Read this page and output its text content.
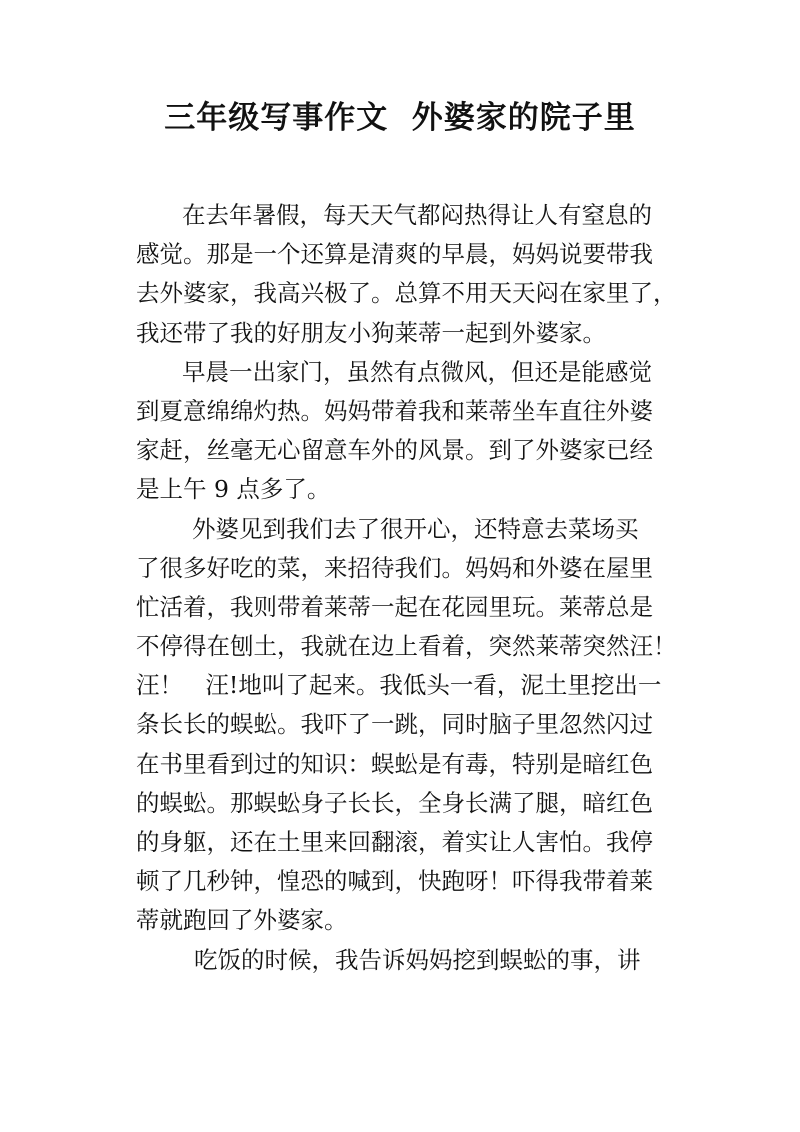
三年级写事作文  外婆家的院子里
在去年暑假，每天天气都闷热得让人有窒息的
感觉。那是一个还算是清爽的早晨，妈妈说要带我
去外婆家，我高兴极了。总算不用天天闷在家里了，
我还带了我的好朋友小狗莱蒂一起到外婆家。
早晨一出家门，虽然有点微风，但还是能感觉
到夏意绵绵灼热。妈妈带着我和莱蒂坐车直往外婆
家赶，丝毫无心留意车外的风景。到了外婆家已经
是上午 9 点多了。
外婆见到我们去了很开心，还特意去菜场买
了很多好吃的菜，来招待我们。妈妈和外婆在屋里
忙活着，我则带着莱蒂一起在花园里玩。莱蒂总是
不停得在刨土，我就在边上看着，突然莱蒂突然汪！
汪！   汪!地叫了起来。我低头一看，泥土里挖出一
条长长的蜈蚣。我吓了一跳，同时脑子里忽然闪过
在书里看到过的知识：蜈蚣是有毒，特别是暗红色
的蜈蚣。那蜈蚣身子长长，全身长满了腿，暗红色
的身躯，还在土里来回翻滚，着实让人害怕。我停
顿了几秒钟，惶恐的喊到，快跑呀！吓得我带着莱
蒂就跑回了外婆家。
吃饭的时候，我告诉妈妈挖到蜈蚣的事，讲
